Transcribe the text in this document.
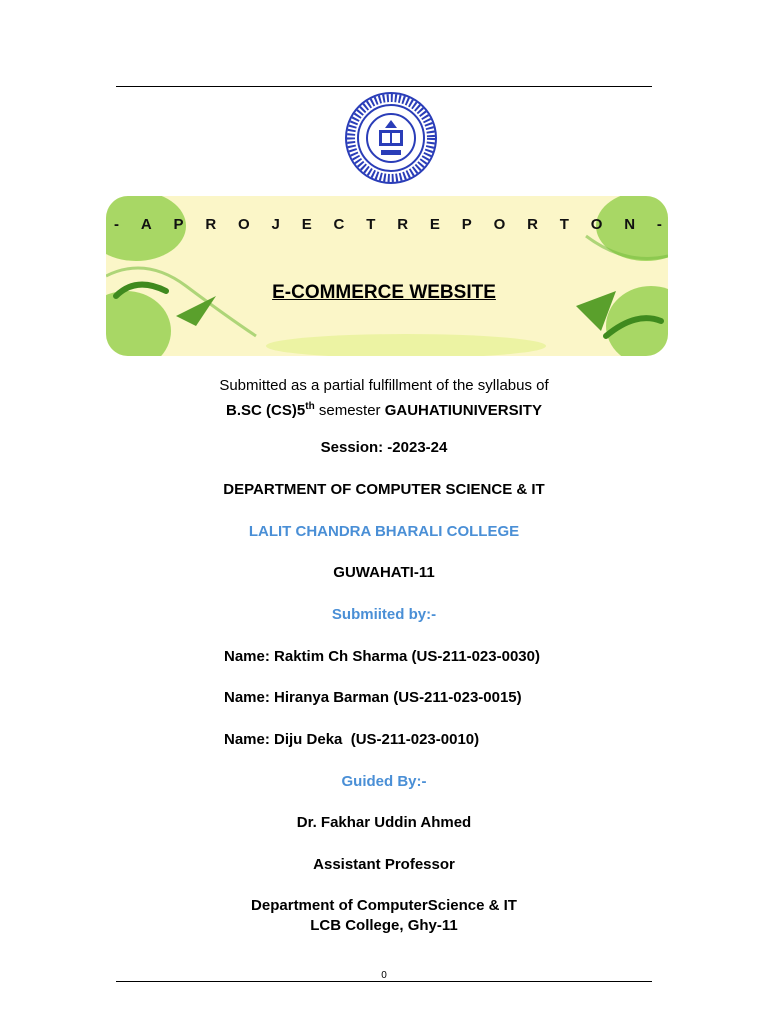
- A P R O J E C T R E P O R T O N -
E-COMMERCE WEBSITE
Submitted as a partial fulfillment of the syllabus of
B.SC (CS)5th semester GAUHATIUNIVERSITY
Session: -2023-24
DEPARTMENT OF COMPUTER SCIENCE & IT
LALIT CHANDRA BHARALI COLLEGE
GUWAHATI-11
Submiited by:-
Name: Raktim Ch Sharma (US-211-023-0030)
Name: Hiranya Barman (US-211-023-0015)
Name: Diju Deka  (US-211-023-0010)
Guided By:-
Dr. Fakhar Uddin Ahmed
Assistant Professor
Department of ComputerScience & IT
LCB College, Ghy-11
0
